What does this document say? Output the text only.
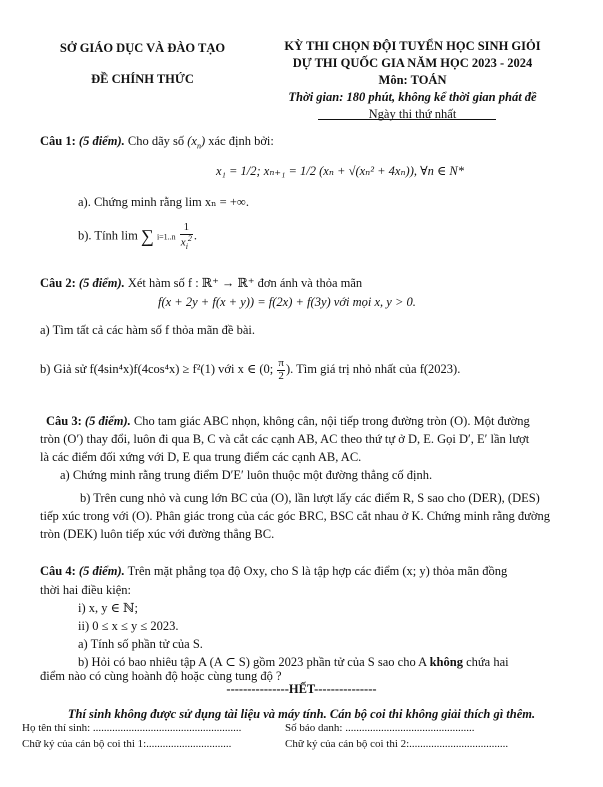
SỞ GIÁO DỤC VÀ ĐÀO TẠO
ĐỀ CHÍNH THỨC
KỲ THI CHỌN ĐỘI TUYỂN HỌC SINH GIỎI
DỰ THI QUỐC GIA NĂM HỌC 2023 - 2024
Môn: TOÁN
Thời gian: 180 phút, không kể thời gian phát đề
Ngày thi thứ nhất
Câu 1: (5 điểm). Cho dãy số $(x_n)$ xác định bởi:
x₁ = 1/2; xₙ₊₁ = 1/2 (xₙ + √(xₙ² + 4xₙ)), ∀n ∈ N*
a). Chứng minh rằng lim xₙ = +∞.
b). Tính lim ∑ $i=1..n \frac{1}{x_i^2}$ .
Câu 2: (5 điểm). Xét hàm số f : ℝ⁺ → ℝ⁺ đơn ánh và thỏa mãn
f(x + 2y + f(x + y)) = f(2x) + f(3y) với mọi x, y > 0.
a) Tìm tất cả các hàm số f thỏa mãn đề bài.
b) Giả sử f(4sin⁴x)f(4cos⁴x) ≥ f²(1) với x ∈ (0; $\frac{\pi}{2}$ ). Tìm giá trị nhỏ nhất của f(2023).
Câu 3: (5 điểm). Cho tam giác ABC nhọn, không cân, nội tiếp trong đường tròn (O). Một đường
tròn (O′) thay đổi, luôn đi qua B, C và cắt các cạnh AB, AC theo thứ tự ở D, E. Gọi D′, E′ lần lượt
là các điểm đối xứng với D, E qua trung điểm các cạnh AB, AC.
a) Chứng minh rằng trung điểm D′E′ luôn thuộc một đường thẳng cố định.
b) Trên cung nhỏ và cung lớn BC của (O), lần lượt lấy các điểm R, S sao cho (DER), (DES)
tiếp xúc trong với (O). Phân giác trong của các góc BRC, BSC cắt nhau ở K. Chứng minh rằng đường
tròn (DEK) luôn tiếp xúc với đường thẳng BC.
Câu 4: (5 điểm). Trên mặt phẳng tọa độ Oxy, cho S là tập hợp các điểm (x; y) thỏa mãn đồng
thời hai điều kiện:
i) x, y ∈ ℕ;
ii) 0 ≤ x ≤ y ≤ 2023.
a) Tính số phần tử của S.
b) Hỏi có bao nhiêu tập A (A ⊂ S) gồm 2023 phần tử của S sao cho A không chứa hai
điểm nào có cùng hoành độ hoặc cùng tung độ ?
---------------HẾT---------------
Thí sinh không được sử dụng tài liệu và máy tính. Cán bộ coi thi không giải thích gì thêm.
Họ tên thí sinh: ......................................................	Số báo danh: ...............................................
Chữ ký của cán bộ coi thi 1:...............................	Chữ ký của cán bộ coi thi 2:....................................
